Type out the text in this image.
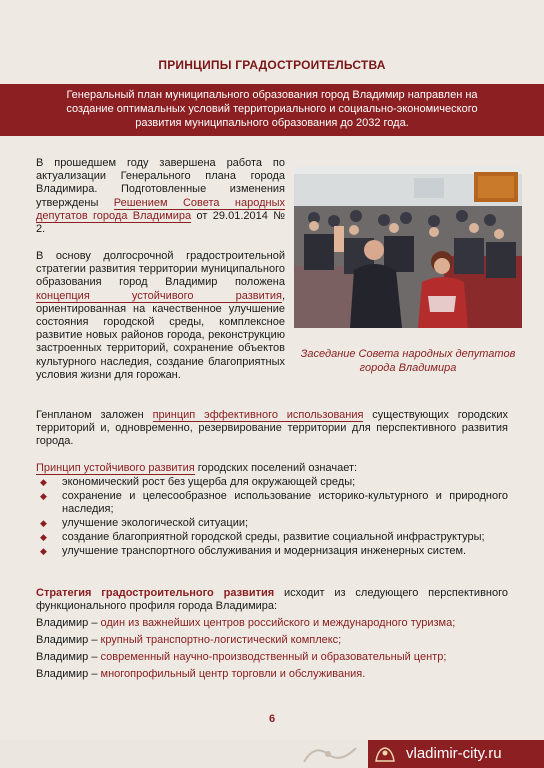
ПРИНЦИПЫ ГРАДОСТРОИТЕЛЬСТВА
Генеральный план муниципального образования город Владимир направлен на создание оптимальных условий территориального и социально-экономического развития муниципального образования до 2032 года.

В прошедшем году завершена работа по актуализации Генерального плана города Владимира. Подготовленные изменения утверждены Решением Совета народных депутатов города Владимира от 29.01.2014 № 2.

В основу долгосрочной градостроительной стратегии развития территории муниципального образования город Владимир положена концепция устойчивого развития, ориентированная на качественное улучшение состояния городской среды, комплексное развитие новых районов города, реконструкцию застроенных территорий, сохранение объектов культурного наследия, создание благоприятных условия жизни для горожан.

Заседание Совета народных депутатов города Владимира

Генпланом заложен принцип эффективного использования существующих городских территорий и, одновременно, резервирование территории для перспективного развития города.

Принцип устойчивого развития городских поселений означает:

◆ экономический рост без ущерба для окружающей среды;
◆ сохранение и целесообразное использование историко-культурного и природного наследия;
◆ улучшение экологической ситуации;
◆ создание благоприятной городской среды, развитие социальной инфраструктуры;
◆ улучшение транспортного обслуживания и модернизация инженерных систем.

Стратегия градостроительного развития исходит из следующего перспективного функционального профиля города Владимира:

Владимир – один из важнейших центров российского и международного туризма;
Владимир – крупный транспортно-логистический комплекс;
Владимир – современный научно-производственный и образовательный центр;
Владимир – многопрофильный центр торговли и обслуживания.
6
vladimir-city.ru
